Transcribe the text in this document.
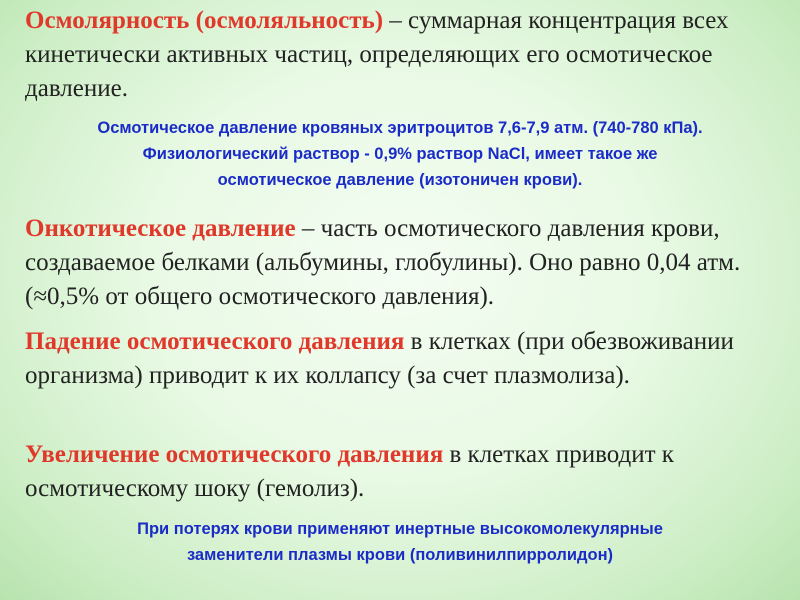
Осмолярность (осмоляльность) – суммарная концентрация всех кинетически активных частиц, определяющих его осмотическое давление.
Осмотическое давление кровяных эритроцитов 7,6-7,9 атм. (740-780 кПа).
Физиологический раствор - 0,9% раствор NaCl, имеет такое же
осмотическое давление (изотоничен крови).
Онкотическое давление – часть осмотического давления крови, создаваемое белками (альбумины, глобулины). Оно равно 0,04 атм. (≈0,5% от общего осмотического давления).
Падение осмотического давления в клетках (при обезвоживании организма) приводит к их коллапсу (за счет плазмолиза).
Увеличение осмотического давления в клетках приводит к осмотическому шоку (гемолиз).
При потерях крови применяют инертные высокомолекулярные
заменители плазмы крови (поливинилпирролидон)
